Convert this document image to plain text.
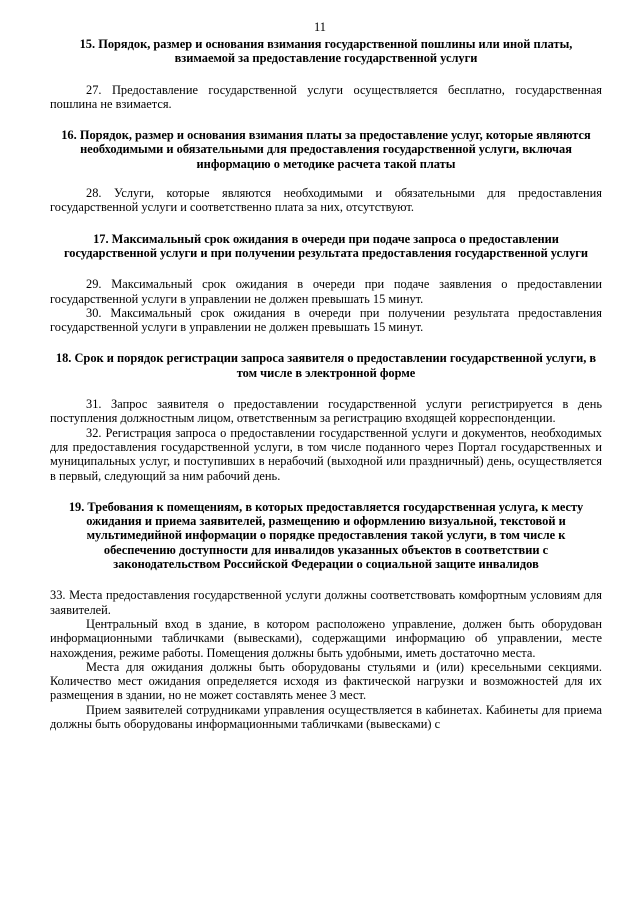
11

15. Порядок, размер и основания взимания государственной пошлины или иной платы, взимаемой за предоставление государственной услуги

27. Предоставление государственной услуги осуществляется бесплатно, государственная пошлина не взимается.

16. Порядок, размер и основания взимания платы за предоставление услуг, которые являются необходимыми и обязательными для предоставления государственной услуги, включая информацию о методике расчета такой платы

28. Услуги, которые являются необходимыми и обязательными для предоставления государственной услуги и соответственно плата за них, отсутствуют.

17. Максимальный срок ожидания в очереди при подаче запроса о предоставлении государственной услуги и при получении результата предоставления государственной услуги

29. Максимальный срок ожидания в очереди при подаче заявления о предоставлении государственной услуги в управлении не должен превышать 15 минут.

30. Максимальный срок ожидания в очереди при получении результата предоставления государственной услуги в управлении не должен превышать 15 минут.

18. Срок и порядок регистрации запроса заявителя о предоставлении государственной услуги, в том числе в электронной форме

31. Запрос заявителя о предоставлении государственной услуги регистрируется в день поступления должностным лицом, ответственным за регистрацию входящей корреспонденции.

32. Регистрация запроса о предоставлении государственной услуги и документов, необходимых для предоставления государственной услуги, в том числе поданного через Портал государственных и муниципальных услуг, и поступивших в нерабочий (выходной или праздничный) день, осуществляется в первый, следующий за ним рабочий день.

19. Требования к помещениям, в которых предоставляется государственная услуга, к месту ожидания и приема заявителей, размещению и оформлению визуальной, текстовой и мультимедийной информации о порядке предоставления такой услуги, в том числе к обеспечению доступности для инвалидов указанных объектов в соответствии с законодательством Российской Федерации о социальной защите инвалидов

33. Места предоставления государственной услуги должны соответствовать комфортным условиям для заявителей.

Центральный вход в здание, в котором расположено управление, должен быть оборудован информационными табличками (вывесками), содержащими информацию об управлении, месте нахождения, режиме работы. Помещения должны быть удобными, иметь достаточно места.

Места для ожидания должны быть оборудованы стульями и (или) кресельными секциями. Количество мест ожидания определяется исходя из фактической нагрузки и возможностей для их размещения в здании, но не может составлять менее 3 мест.

Прием заявителей сотрудниками управления осуществляется в кабинетах. Кабинеты для приема должны быть оборудованы информационными табличками (вывесками) с
